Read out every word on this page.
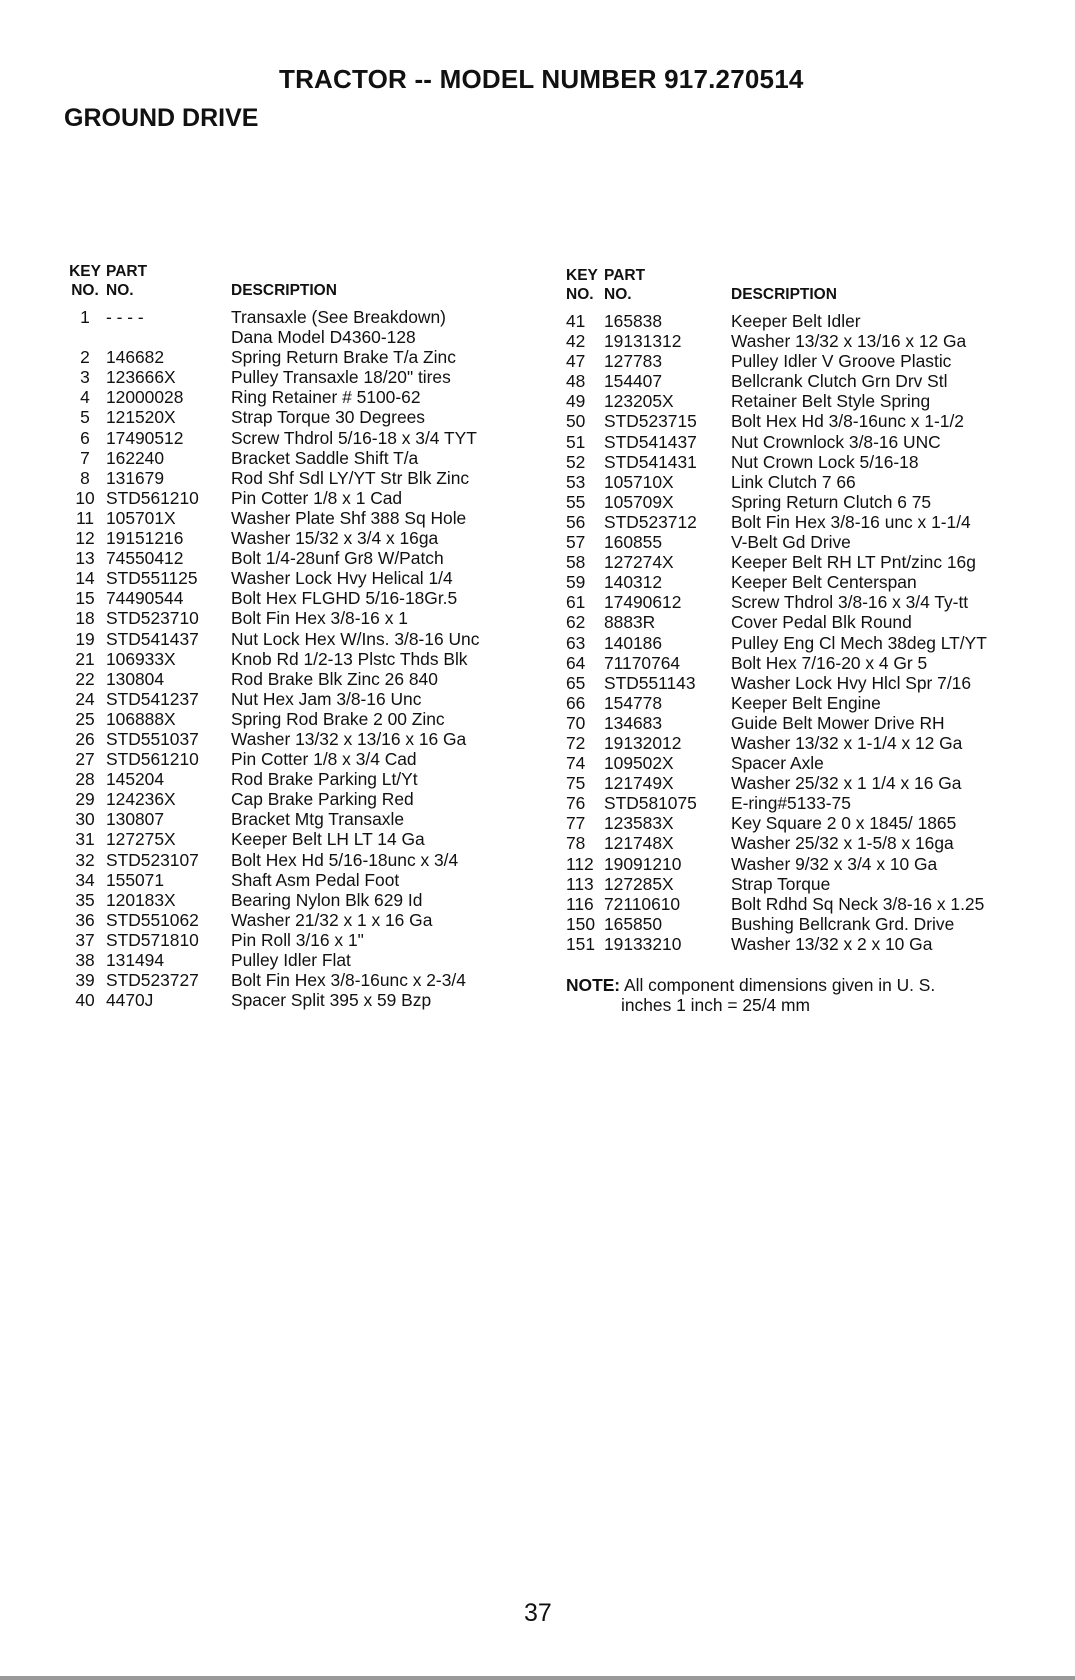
TRACTOR -- MODEL NUMBER 917.270514
GROUND DRIVE
KEY	PART	
NO.	NO.	DESCRIPTION
1	- - - -	Transaxle (See Breakdown)
		Dana Model D4360-128
2	146682	Spring Return Brake T/a Zinc
3	123666X	Pulley Transaxle 18/20" tires
4	12000028	Ring Retainer # 5100-62
5	121520X	Strap Torque 30 Degrees
6	17490512	Screw Thdrol 5/16-18 x 3/4 TYT
7	162240	Bracket Saddle Shift T/a
8	131679	Rod Shf Sdl LY/YT Str Blk Zinc
10	STD561210	Pin Cotter 1/8 x 1 Cad
11	105701X	Washer Plate Shf 388 Sq Hole
12	19151216	Washer 15/32 x 3/4 x 16ga
13	74550412	Bolt 1/4-28unf Gr8 W/Patch
14	STD551125	Washer Lock Hvy Helical 1/4
15	74490544	Bolt Hex FLGHD 5/16-18Gr.5
18	STD523710	Bolt Fin Hex 3/8-16 x 1
19	STD541437	Nut Lock Hex W/Ins. 3/8-16 Unc
21	106933X	Knob Rd 1/2-13 Plstc Thds Blk
22	130804	Rod Brake Blk Zinc 26 840
24	STD541237	Nut Hex Jam 3/8-16 Unc
25	106888X	Spring Rod Brake 2 00 Zinc
26	STD551037	Washer 13/32 x 13/16 x 16 Ga
27	STD561210	Pin Cotter 1/8 x 3/4 Cad
28	145204	Rod Brake Parking Lt/Yt
29	124236X	Cap Brake Parking Red
30	130807	Bracket Mtg Transaxle
31	127275X	Keeper Belt LH LT 14 Ga
32	STD523107	Bolt Hex Hd 5/16-18unc x 3/4
34	155071	Shaft Asm Pedal Foot
35	120183X	Bearing Nylon Blk 629 Id
36	STD551062	Washer 21/32 x 1 x 16 Ga
37	STD571810	Pin Roll 3/16 x 1"
38	131494	Pulley Idler Flat
39	STD523727	Bolt Fin Hex 3/8-16unc x 2-3/4
40	4470J	Spacer Split 395 x 59 Bzp
KEY	PART	
NO.	NO.	DESCRIPTION
41	165838	Keeper Belt Idler
42	19131312	Washer 13/32 x 13/16 x 12 Ga
47	127783	Pulley Idler V Groove Plastic
48	154407	Bellcrank Clutch Grn Drv Stl
49	123205X	Retainer Belt Style Spring
50	STD523715	Bolt Hex Hd 3/8-16unc x 1-1/2
51	STD541437	Nut Crownlock 3/8-16 UNC
52	STD541431	Nut Crown Lock 5/16-18
53	105710X	Link Clutch 7 66
55	105709X	Spring Return Clutch 6 75
56	STD523712	Bolt Fin Hex 3/8-16 unc x 1-1/4
57	160855	V-Belt Gd Drive
58	127274X	Keeper Belt RH LT Pnt/zinc 16g
59	140312	Keeper Belt Centerspan
61	17490612	Screw Thdrol 3/8-16 x 3/4 Ty-tt
62	8883R	Cover Pedal Blk Round
63	140186	Pulley Eng Cl Mech 38deg LT/YT
64	71170764	Bolt Hex 7/16-20 x 4 Gr 5
65	STD551143	Washer Lock Hvy Hlcl Spr 7/16
66	154778	Keeper Belt Engine
70	134683	Guide Belt Mower Drive RH
72	19132012	Washer 13/32 x 1-1/4 x 12 Ga
74	109502X	Spacer Axle
75	121749X	Washer 25/32 x 1 1/4 x 16 Ga
76	STD581075	E-ring#5133-75
77	123583X	Key Square 2 0 x 1845/ 1865
78	121748X	Washer 25/32 x 1-5/8 x 16ga
112	19091210	Washer 9/32 x 3/4 x 10 Ga
113	127285X	Strap Torque
116	72110610	Bolt Rdhd Sq Neck 3/8-16 x 1.25
150	165850	Bushing Bellcrank Grd. Drive
151	19133210	Washer 13/32 x 2 x 10 Ga
NOTE: All component dimensions given in U. S.
inches 1 inch = 25/4 mm
37
